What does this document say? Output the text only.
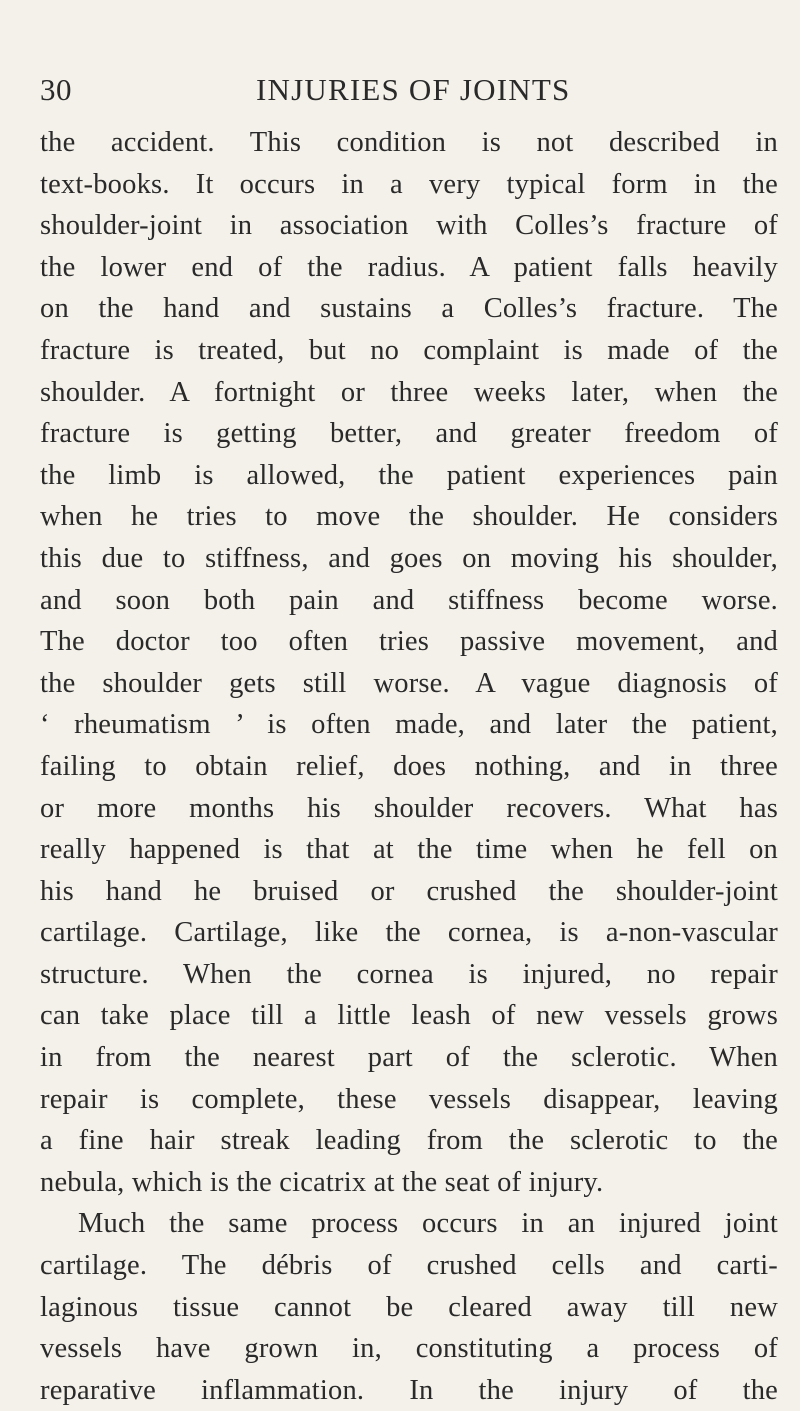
30	INJURIES OF JOINTS
the accident. This condition is not described in
text-books. It occurs in a very typical form in the
shoulder-joint in association with Colles’s fracture of
the lower end of the radius. A patient falls heavily
on the hand and sustains a Colles’s fracture. The
fracture is treated, but no complaint is made of the
shoulder. A fortnight or three weeks later, when the
fracture is getting better, and greater freedom of
the limb is allowed, the patient experiences pain
when he tries to move the shoulder. He considers
this due to stiffness, and goes on moving his shoulder,
and soon both pain and stiffness become worse.
The doctor too often tries passive movement, and
the shoulder gets still worse. A vague diagnosis of
‘ rheumatism ’ is often made, and later the patient,
failing to obtain relief, does nothing, and in three
or more months his shoulder recovers. What has
really happened is that at the time when he fell on
his hand he bruised or crushed the shoulder-joint
cartilage. Cartilage, like the cornea, is a-non-vascular
structure. When the cornea is injured, no repair
can take place till a little leash of new vessels grows
in from the nearest part of the sclerotic. When
repair is complete, these vessels disappear, leaving
a fine hair streak leading from the sclerotic to the
nebula, which is the cicatrix at the seat of injury.
Much the same process occurs in an injured joint
cartilage. The débris of crushed cells and carti-
laginous tissue cannot be cleared away till new
vessels have grown in, constituting a process of
reparative inflammation. In the injury of the
